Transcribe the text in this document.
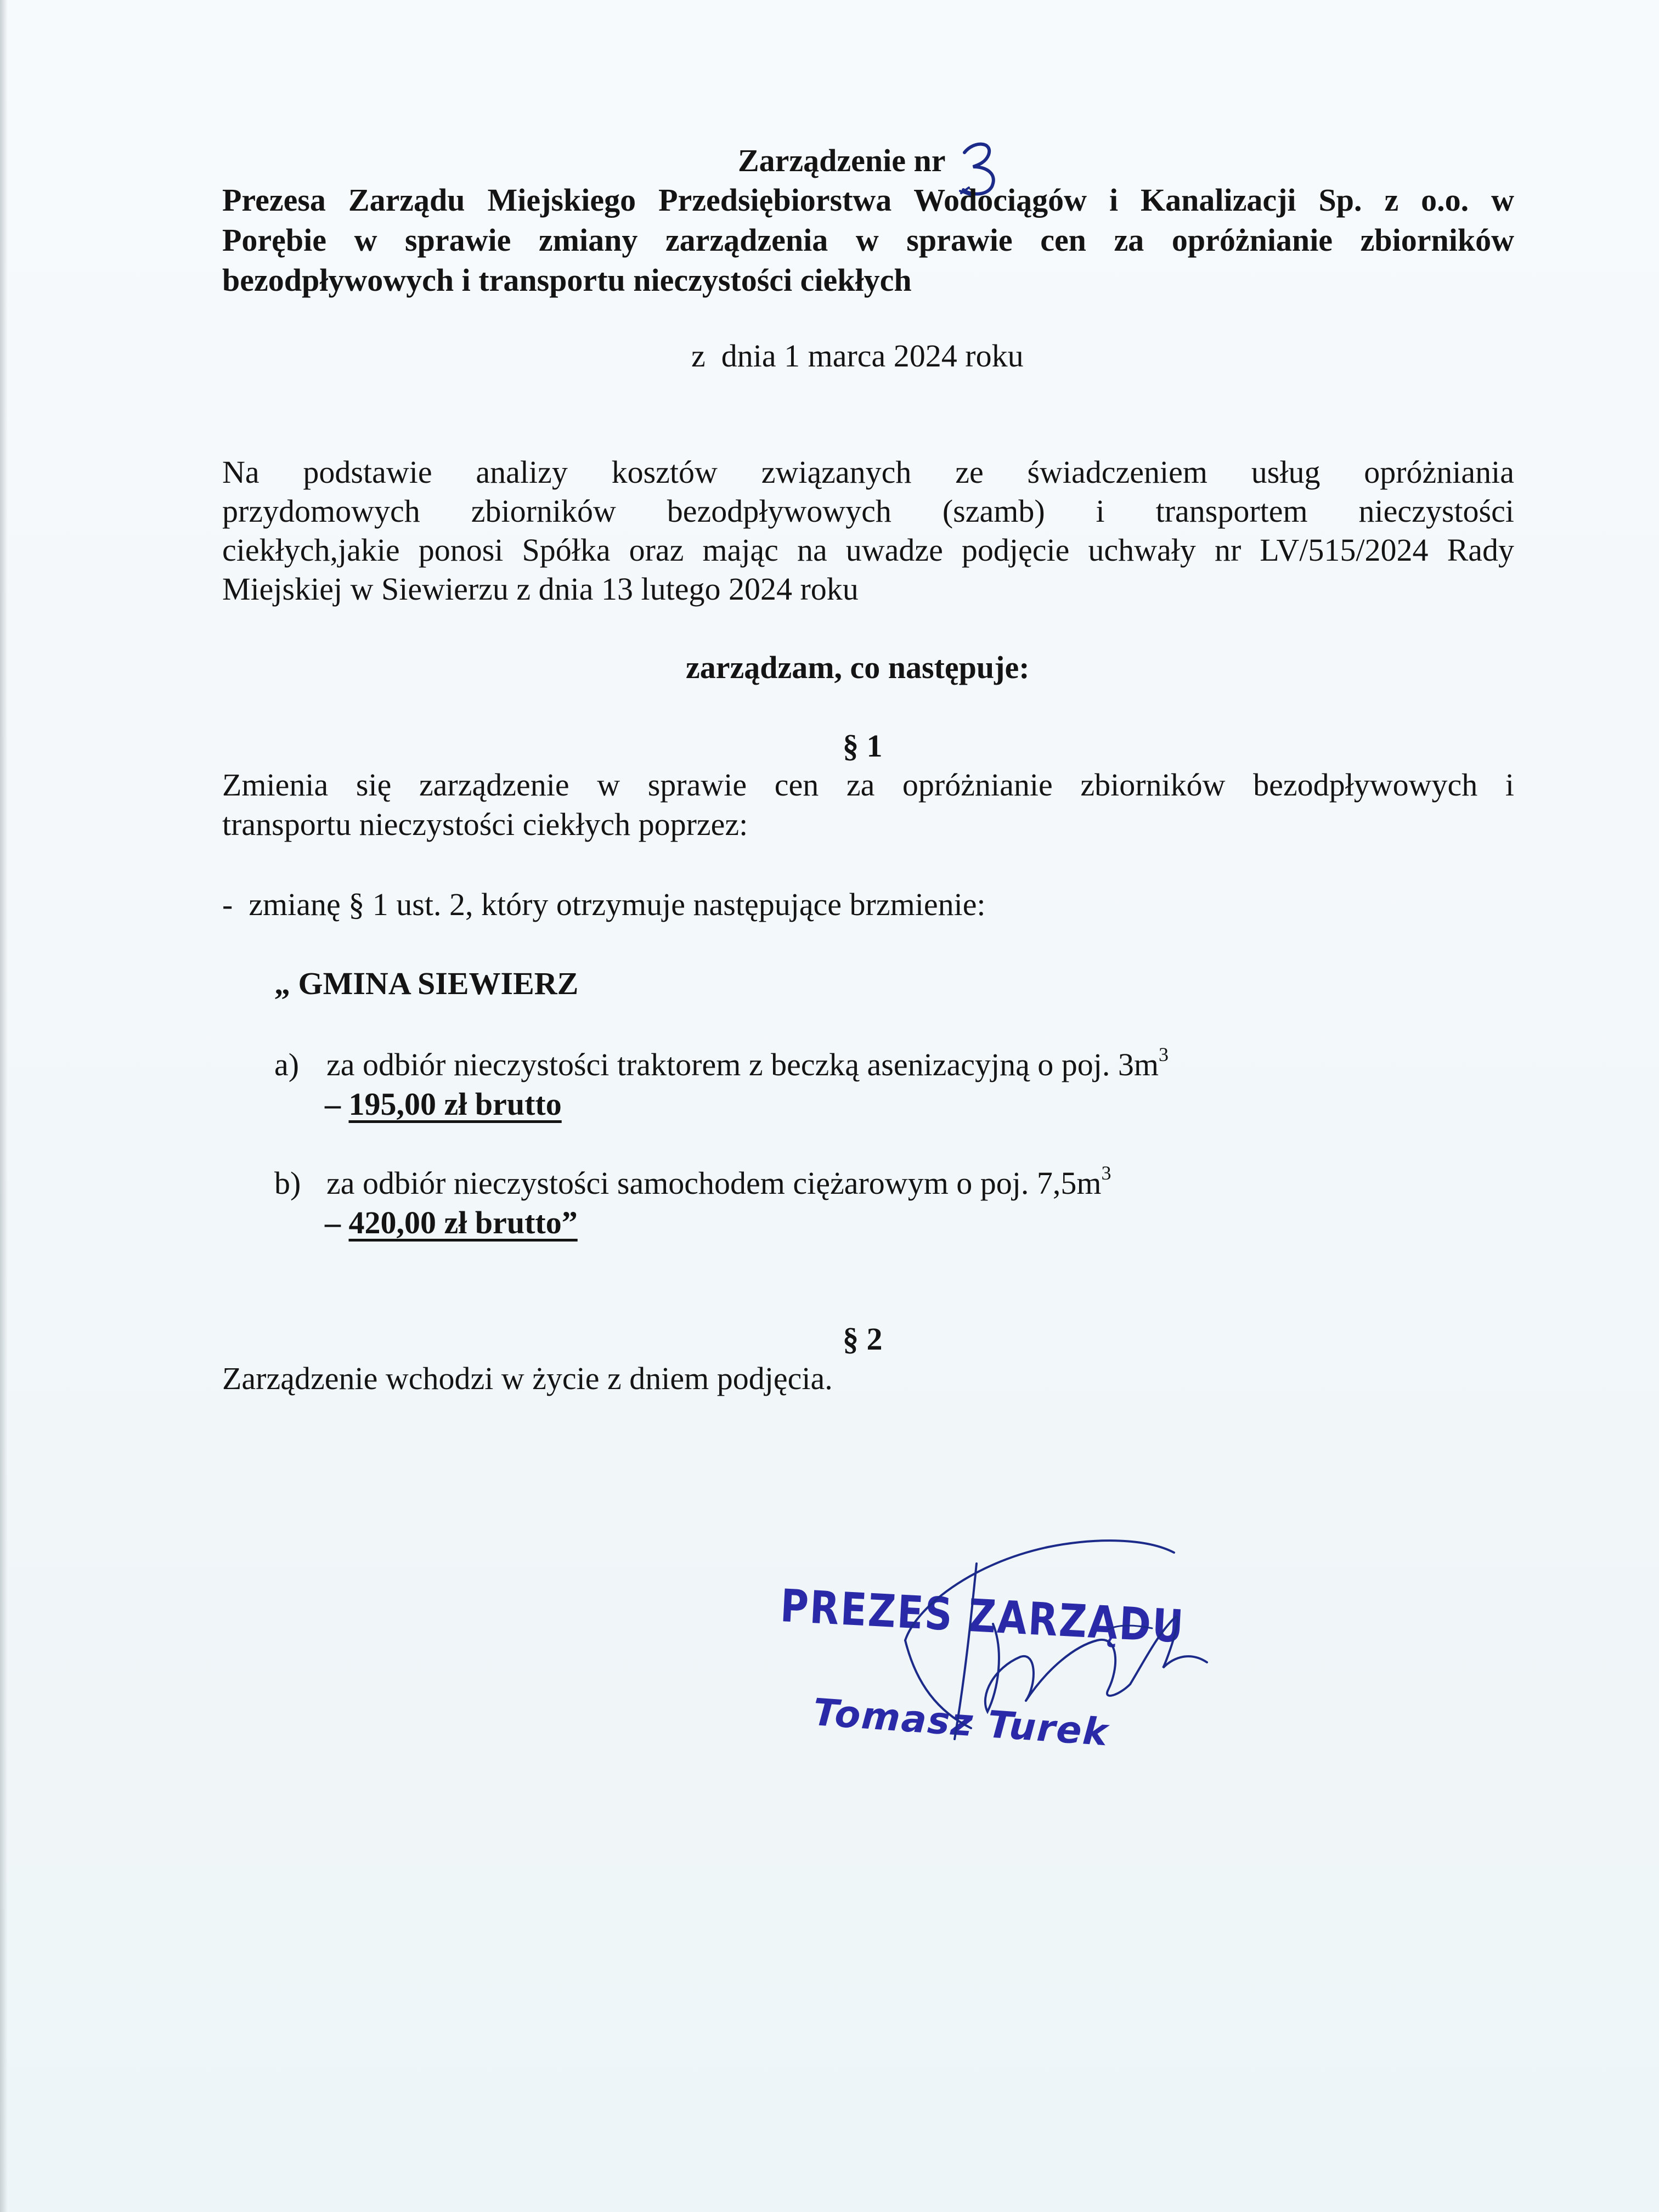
Zarządzenie nr
Prezesa Zarządu Miejskiego Przedsiębiorstwa Wodociągów i Kanalizacji Sp. z o.o. w
Porębie w sprawie zmiany zarządzenia w sprawie cen za opróżnianie zbiorników
bezodpływowych i transportu nieczystości ciekłych
z  dnia 1 marca 2024 roku
Na podstawie analizy kosztów związanych ze świadczeniem usług opróżniania
przydomowych zbiorników bezodpływowych (szamb) i transportem nieczystości
ciekłych,jakie ponosi Spółka oraz mając na uwadze podjęcie uchwały nr LV/515/2024 Rady
Miejskiej w Siewierzu z dnia 13 lutego 2024 roku
zarządzam, co następuje:
§ 1
Zmienia się zarządzenie w sprawie cen za opróżnianie zbiorników bezodpływowych i
transportu nieczystości ciekłych poprzez:
-  zmianę § 1 ust. 2, który otrzymuje następujące brzmienie:
„ GMINA SIEWIERZ
a) za odbiór nieczystości traktorem z beczką asenizacyjną o poj. $3m^3$
– 195,00 zł brutto
b) za odbiór nieczystości samochodem ciężarowym o poj. $7,5m^3$
– 420,00 zł brutto”
§ 2
Zarządzenie wchodzi w życie z dniem podjęcia.
PREZES ZARZĄDU
Tomasz Turek
